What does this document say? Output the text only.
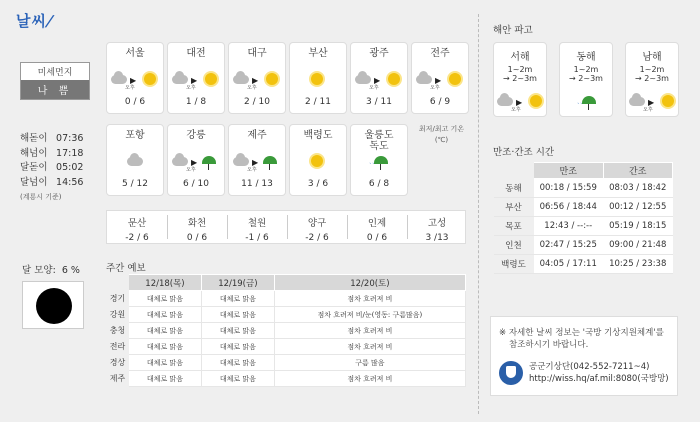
날씨/
미세먼지
나 쁨
해돋이 07:36
해넘이 17:18
달돋이 05:02
달넘이 14:56
(계룡시 기준)
달 모양:  6 %
서울
▶
오후
0 / 6
대전
▶
오후
1 / 8
대구
▶
오후
2 / 10
부산
2 / 11
광주
▶
오후
3 / 11
전주
▶
오후
6 / 9
포항
5 / 12
강릉
▶
오후
6 / 10
제주
▶
오후
11 / 13
백령도
3 / 6
울릉도
독도
ˋˋ
6 / 8
최저/최고 기온
(℃)
문산
-2 / 6
화천
0 / 6
철원
-1 / 6
양구
-2 / 6
인제
0 / 6
고성
3 /13
주간 예보
	12/18(목)	12/19(금)	12/20(토)
경기	대체로 맑음	대체로 맑음	점차 흐려져 비
강원	대체로 맑음	대체로 맑음	점차 흐려져 비/눈(영동: 구름많음)
충청	대체로 맑음	대체로 맑음	점차 흐려져 비
전라	대체로 맑음	대체로 맑음	점차 흐려져 비
경상	대체로 맑음	대체로 맑음	구름 많음
제주	대체로 맑음	대체로 맑음	점차 흐려져 비
해안 파고
서해
1~2m
→ 2~3m
▶
오후
동해
1~2m
→ 2~3m
ˋˋ
남해
1~2m
→ 2~3m
▶
오후
만조·간조 시간
	만조	간조
동해	00:18 / 15:59	08:03 / 18:42
부산	06:56 / 18:44	00:12 / 12:55
목포	12:43 / --:--	05:19 / 18:15
인천	02:47 / 15:25	09:00 / 21:48
백령도	04:05 / 17:11	10:25 / 23:38
※ 자세한 날씨 정보는 '국방 기상지원체계'를
참조하시기 바랍니다.
공군기상단(042-552-7211~4)
http://wiss.hq/af.mil:8080(국방망)
